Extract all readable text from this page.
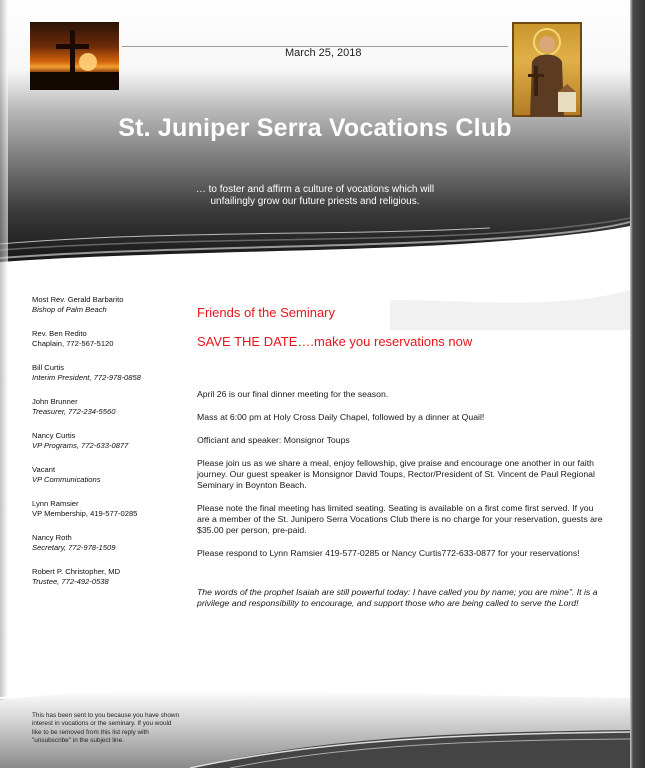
March 25, 2018
St. Juniper Serra Vocations Club
… to foster and affirm a culture of vocations which will unfailingly grow our future priests and religious.
Most Rev. Gerald Barbarito
Bishop of Palm Beach
Rev. Ben Redito
Chaplain, 772-567-5120
Bill Curtis
Interim President, 772-978-0858
John Brunner
Treasurer, 772-234-5560
Nancy Curtis
VP Programs, 772-633-0877
Vacant
VP Communications
Lynn Ramsier
VP Membership, 419-577-0285
Nancy Roth
Secretary, 772-978-1509
Robert P. Christopher, MD
Trustee, 772-492-0538
Friends of the Seminary
SAVE THE DATE….make you reservations now

April 26 is our final dinner meeting for the season.

Mass at 6:00 pm at Holy Cross Daily Chapel, followed by a dinner at Quail!

Officiant and speaker: Monsignor Toups

Please join us as we share a meal, enjoy fellowship, give praise and encourage one another in our faith journey. Our guest speaker is Monsignor David Toups, Rector/President of St. Vincent de Paul Regional Seminary in Boynton Beach.

Please note the final meeting has limited seating. Seating is available on a first come first served. If you are a member of the St. Junipero Serra Vocations Club there is no charge for your reservation, guests are $35.00 per person, pre-paid.

Please respond to Lynn Ramsier 419-577-0285 or Nancy Curtis772-633-0877 for your reservations!

The words of the prophet Isaiah are still powerful today: I have called you by name; you are mine". It is a privilege and responsibility to encourage, and support those who are being called to serve the Lord!

This has been sent to you because you have shown interest in vocations or the seminary. If you would like to be removed from this list reply with "unsubscribe" in the subject line.
